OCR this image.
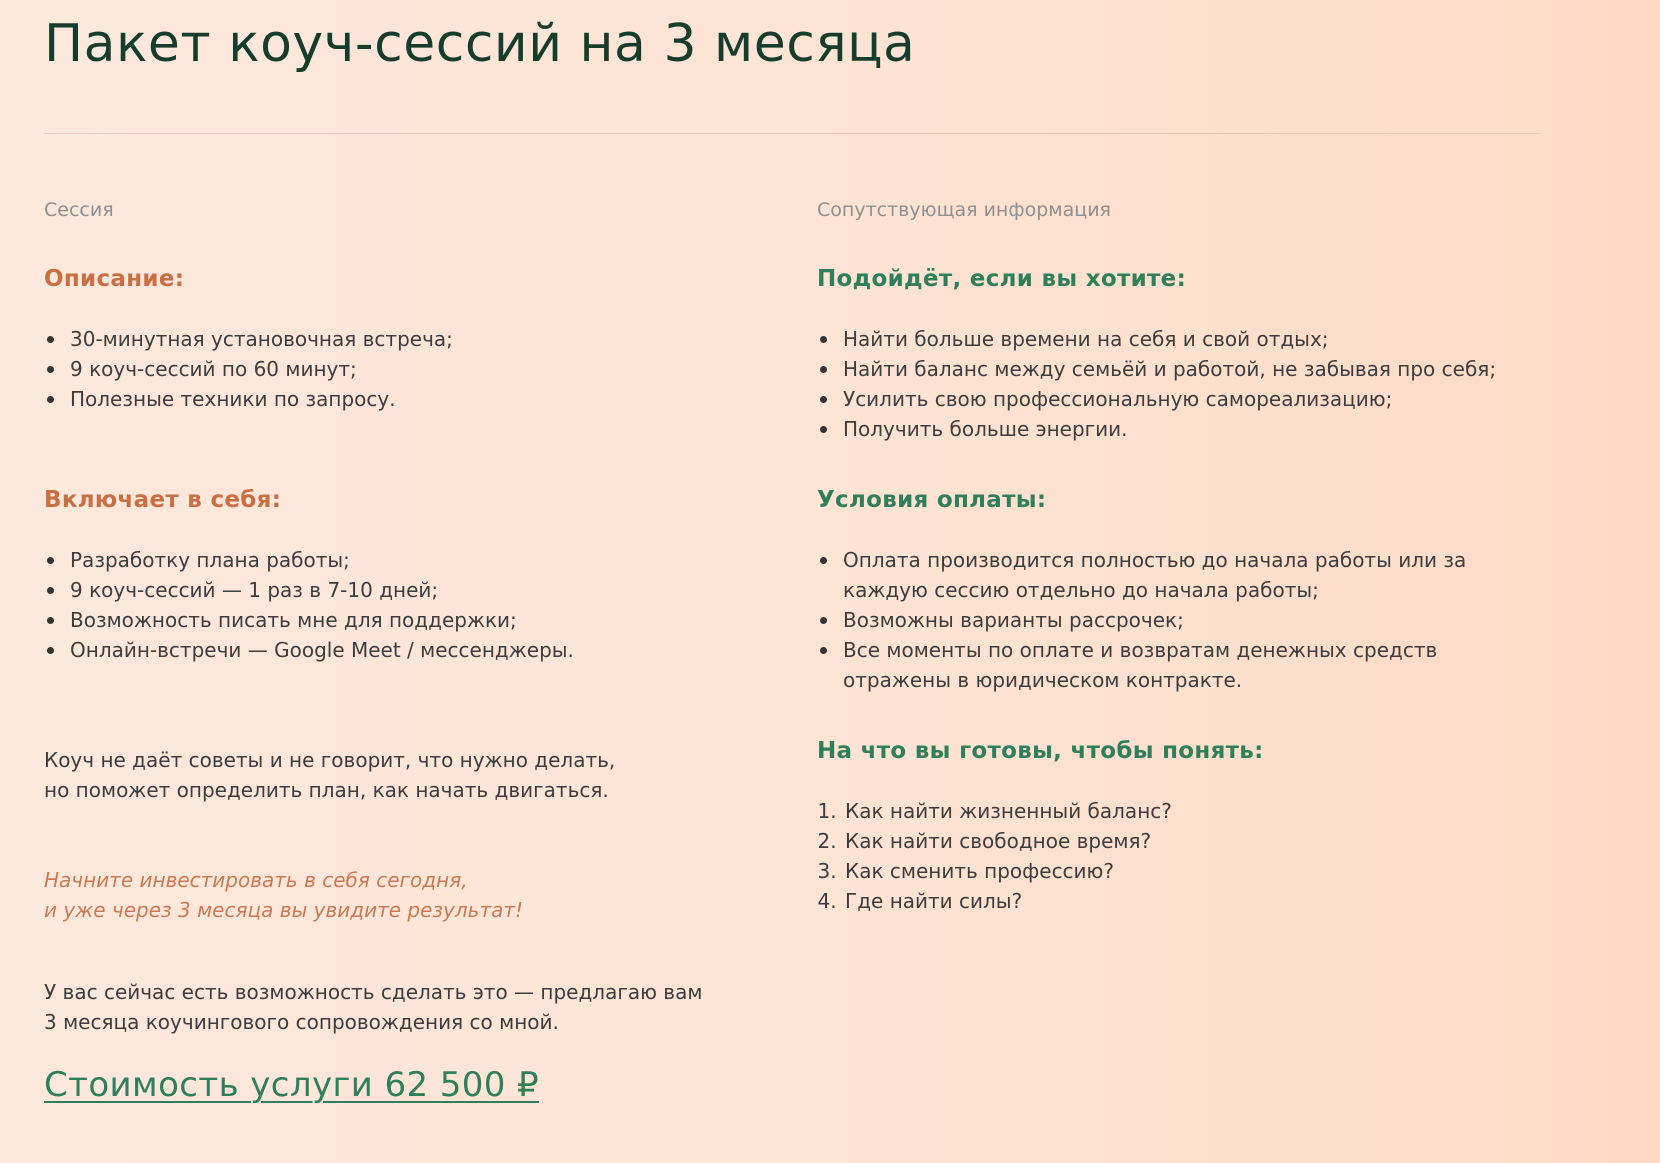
Пакет коуч-сессий на 3 месяца

Сессия

Описание:
30-минутная установочная встреча;
9 коуч-сессий по 60 минут;
Полезные техники по запросу.
Включает в себя:
Разработку плана работы;
9 коуч-сессий — 1 раз в 7-10 дней;
Возможность писать мне для поддержки;
Онлайн-встречи — Google Meet / мессенджеры.

Коуч не даёт советы и не говорит, что нужно делать,

но поможет определить план, как начать двигаться.

Начните инвестировать в себя сегодня,

и уже через 3 месяца вы увидите результат!

У вас сейчас есть возможность сделать это — предлагаю вам

3 месяца коучингового сопровождения со мной.

Стоимость услуги 62 500 ₽

Сопутствующая информация

Подойдёт, если вы хотите:
Найти больше времени на себя и свой отдых;
Найти баланс между семьёй и работой, не забывая про себя;
Усилить свою профессиональную самореализацию;
Получить больше энергии.
Условия оплаты:
Оплата производится полностью до начала работы или за каждую сессию отдельно до начала работы;
Возможны варианты рассрочек;
Все моменты по оплате и возвратам денежных средств отражены в юридическом контракте.
На что вы готовы, чтобы понять:
1. Как найти жизненный баланс?
2. Как найти свободное время?
3. Как сменить профессию?
4. Где найти силы?
